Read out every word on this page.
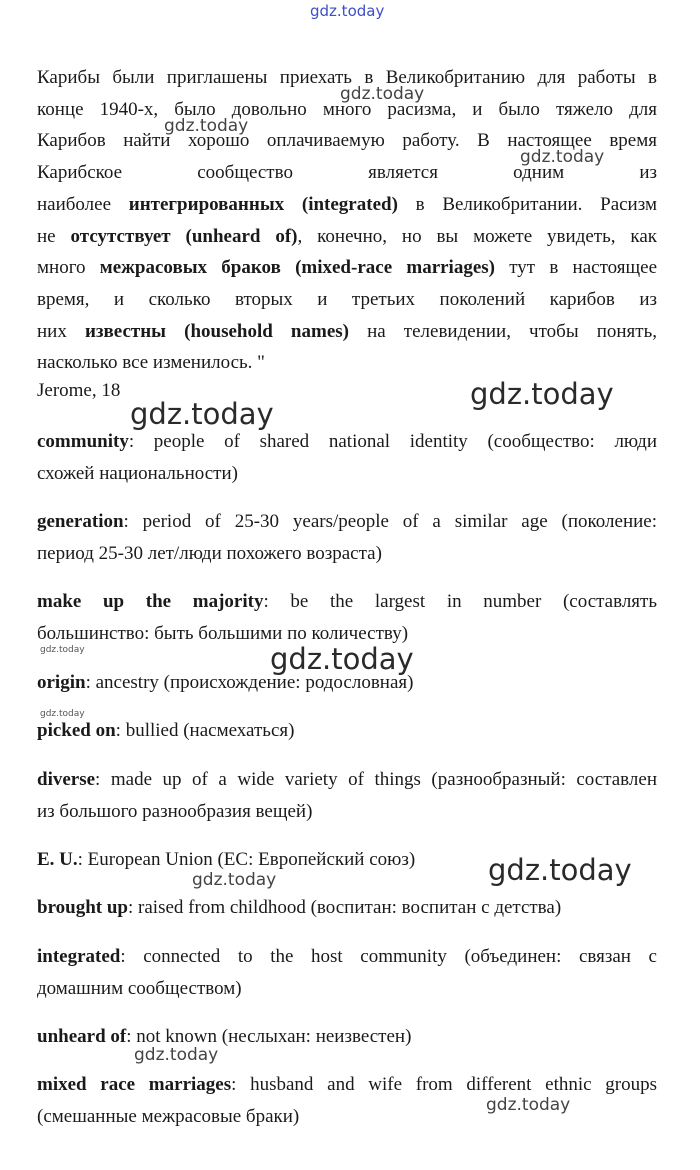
gdz.today
Карибы были приглашены приехать в Великобританию для работы в
конце 1940-х, было довольно много расизма, и было тяжело для
Карибов найти хорошо оплачиваемую работу. В настоящее время
Карибское сообщество является одним из
наиболее интегрированных (integrated) в Великобритании. Расизм
не отсутствует (unheard of), конечно, но вы можете увидеть, как
много межрасовых браков (mixed-race marriages) тут в настоящее
время, и сколько вторых и третьих поколений карибов из
них известны (household names) на телевидении, чтобы понять,
насколько все изменилось. "
Jerome, 18
community: people of shared national identity (сообщество: люди
схожей национальности)
generation: period of 25-30 years/people of a similar age (поколение:
период 25-30 лет/люди похожего возраста)
make up the majority: be the largest in number (составлять
большинство: быть большими по количеству)
origin: ancestry (происхождение: родословная)
picked on: bullied (насмехаться)
diverse: made up of a wide variety of things (разнообразный: составлен
из большого разнообразия вещей)
E. U.: European Union (ЕС: Европейский союз)
brought up: raised from childhood (воспитан: воспитан с детства)
integrated: connected to the host community (объединен: связан с
домашним сообществом)
unheard of: not known (неслыхан: неизвестен)
mixed race marriages: husband and wife from different ethnic groups
(смешанные межрасовые браки)
gdz.today
gdz.today
gdz.today
gdz.today
gdz.today
gdz.today	gdz.today
gdz.today
gdz.today
gdz.today
gdz.today
gdz.today
